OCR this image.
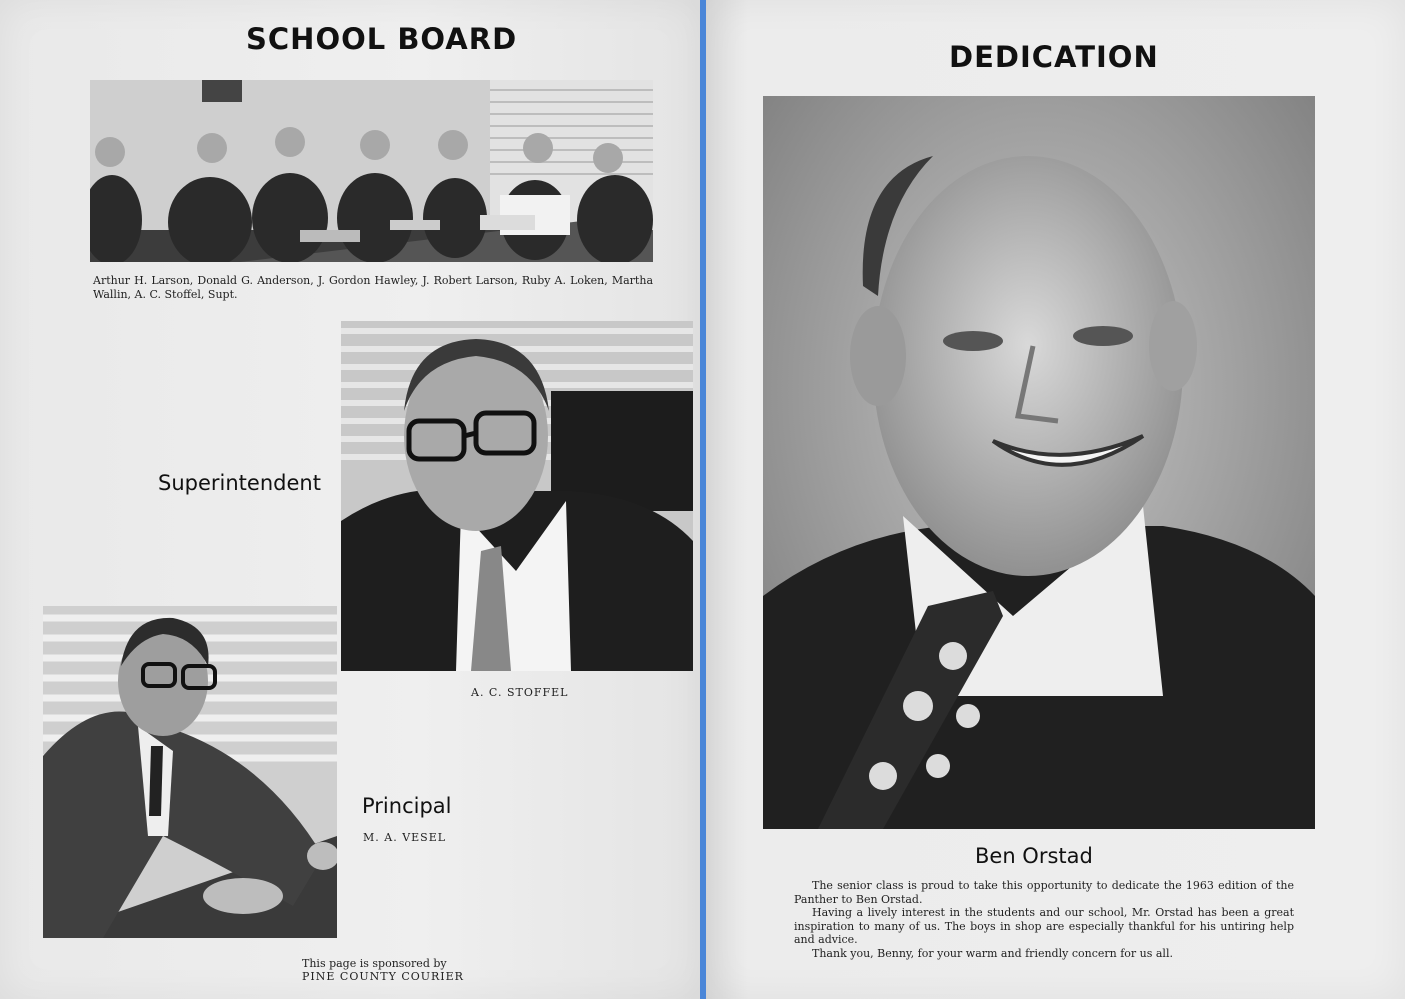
SCHOOL BOARD
Arthur H. Larson, Donald G. Anderson, J. Gordon Hawley, J. Robert Larson, Ruby A. Loken, Martha Wallin, A. C. Stoffel, Supt.
Superintendent
A. C. STOFFEL
Principal
M. A. VESEL
This page is sponsored by
PINE COUNTY COURIER
DEDICATION
Ben Orstad

The senior class is proud to take this opportunity to dedicate the 1963 edition of the Panther to Ben Orstad.

Having a lively interest in the students and our school, Mr. Orstad has been a great inspiration to many of us. The boys in shop are especially thankful for his untiring help and advice.

Thank you, Benny, for your warm and friendly concern for us all.
